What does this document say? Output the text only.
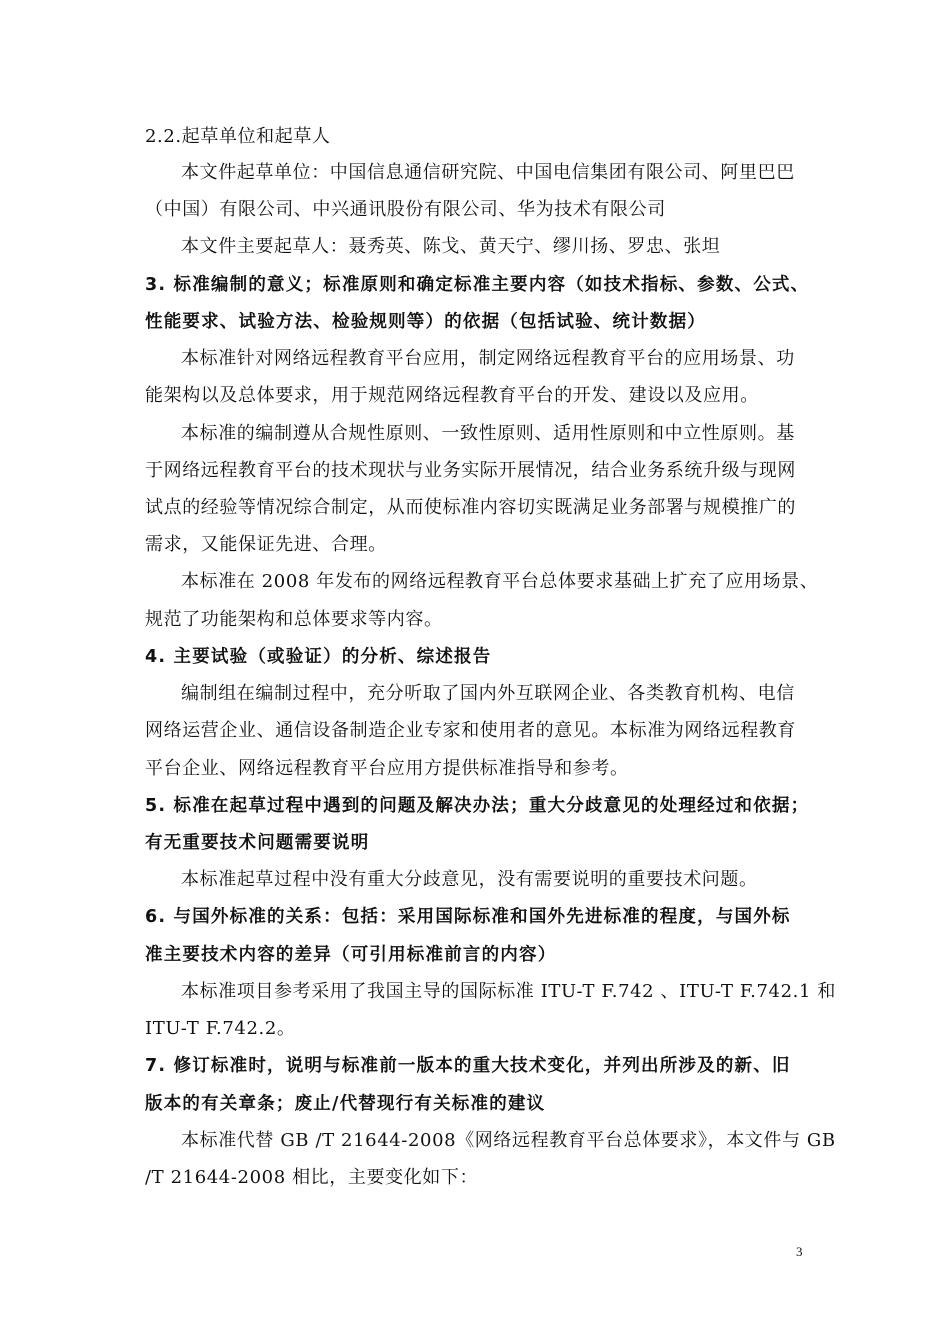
2.2.起草单位和起草人
本文件起草单位：中国信息通信研究院、中国电信集团有限公司、阿里巴巴
（中国）有限公司、中兴通讯股份有限公司、华为技术有限公司
本文件主要起草人：聂秀英、陈戈、黄天宁、缪川扬、罗忠、张坦
3. 标准编制的意义；标准原则和确定标准主要内容（如技术指标、参数、公式、
性能要求、试验方法、检验规则等）的依据（包括试验、统计数据）
本标准针对网络远程教育平台应用，制定网络远程教育平台的应用场景、功
能架构以及总体要求，用于规范网络远程教育平台的开发、建设以及应用。
本标准的编制遵从合规性原则、一致性原则、适用性原则和中立性原则。基
于网络远程教育平台的技术现状与业务实际开展情况，结合业务系统升级与现网
试点的经验等情况综合制定，从而使标准内容切实既满足业务部署与规模推广的
需求，又能保证先进、合理。
本标准在 2008 年发布的网络远程教育平台总体要求基础上扩充了应用场景、
规范了功能架构和总体要求等内容。
4. 主要试验（或验证）的分析、综述报告
编制组在编制过程中，充分听取了国内外互联网企业、各类教育机构、电信
网络运营企业、通信设备制造企业专家和使用者的意见。本标准为网络远程教育
平台企业、网络远程教育平台应用方提供标准指导和参考。
5. 标准在起草过程中遇到的问题及解决办法；重大分歧意见的处理经过和依据；
有无重要技术问题需要说明
本标准起草过程中没有重大分歧意见，没有需要说明的重要技术问题。
6. 与国外标准的关系：包括：采用国际标准和国外先进标准的程度，与国外标
准主要技术内容的差异（可引用标准前言的内容）
本标准项目参考采用了我国主导的国际标准 ITU-T F.742 、ITU-T F.742.1 和
ITU-T F.742.2。
7. 修订标准时，说明与标准前一版本的重大技术变化，并列出所涉及的新、旧
版本的有关章条；废止/代替现行有关标准的建议
本标准代替 GB /T 21644-2008《网络远程教育平台总体要求》，本文件与 GB
/T 21644-2008 相比，主要变化如下：
3
